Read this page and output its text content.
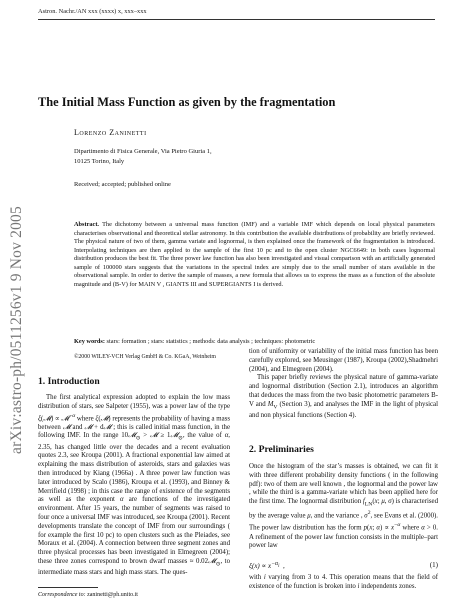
arXiv:astro-ph/0511256v1 9 Nov 2005
Astron. Nachr./AN xxx (xxxx) x, xxx–xxx
The Initial Mass Function as given by the fragmentation
Lorenzo Zaninetti
Dipartimento di Fisica Generale, Via Pietro Giuria 1,
10125 Torino, Italy
Received; accepted; published online
Abstract. The dichotomy between a universal mass function (IMF) and a variable IMF which depends on local physical parameters characterises observational and theoretical stellar astronomy. In this contribution the available distributions of probability are briefly reviewed. The physical nature of two of them, gamma variate and lognormal, is then explained once the framework of the fragmentation is introduced. Interpolating techniques are then applied to the sample of the first 10 pc and to the open cluster NGC6649: in both cases lognormal distribution produces the best fit. The three power law function has also been investigated and visual comparison with an artificially generated sample of 100000 stars suggests that the variations in the spectral index are simply due to the small number of stars available in the observational sample. In order to derive the sample of masses, a new formula that allows us to express the mass as a function of the absolute magnitude and (B-V) for MAIN V , GIANTS III and SUPERGIANTS I is derived.
Key words: stars: formation ; stars: statistics ; methods: data analysis ; techniques: photometric
©2000 WILEY-VCH Verlag GmbH & Co. KGaA, Weinheim
1. Introduction

The first analytical expression adopted to explain the low mass distribution of stars, see Salpeter (1955), was a power law of the type ξ(𝓜) ∝ 𝓜$^{-\alpha}$ where ξ(𝓜) represents the probability of having a mass between 𝓜 and 𝓜 + d𝓜 ; this is called initial mass function, in the following IMF. In the range 10𝓜$_⊙$ > 𝓜 ≥ 1𝓜$_⊙$, the value of α, 2.35, has changed little over the decades and a recent evaluation quotes 2.3, see Kroupa (2001). A fractional exponential law aimed at explaining the mass distribution of asteroids, stars and galaxies was then introduced by Kiang (1966a) . A three power law function was later introduced by Scalo (1986), Kroupa et al. (1993), and Binney & Merrifield (1998) ; in this case the range of existence of the segments as well as the exponent α are functions of the investigated environment. After 15 years, the number of segments was raised to four once a universal IMF was introduced, see Kroupa (2001). Recent developments translate the concept of IMF from our surroundings ( for example the first 10 pc) to open clusters such as the Pleiades, see Moraux et al. (2004). A connection between three segment zones and three physical processes has been investigated in Elmegreen (2004); these three zones correspond to brown dwarf masses ≈ 0.02𝓜$_⊙$, to intermediate mass stars and high mass stars. The ques-

tion of uniformity or variability of the initial mass function has been carefully explored, see Meusinger (1987), Kroupa (2002),Shadmehri (2004), and Elmegreen (2004).

This paper briefly reviews the physical nature of gamma-variate and lognormal distribution (Section 2.1), introduces an algorithm that deduces the mass from the two basic photometric parameters B-V and $M_V$ (Section 3), and analyses the IMF in the light of physical and non physical functions (Section 4).

2. Preliminaries

Once the histogram of the star’s masses is obtained, we can fit it with three different probability density functions ( in the following pdf): two of them are well known , the lognormal and the power law , while the third is a gamma-variate which has been applied here for the first time. The lognormal distribution $f_{LN}(x$; μ, σ) is characterised by the average value μ, and the variance , $\sigma^2$, see Evans et al. (2000). The power law distribution has the form p(x; $\alpha) \propto x^{-\alpha}$ where α > 0. A refinement of the power law function consists in the multiple–part power law

$\xi(x) \propto x^{-\alpha_i}$  ,	(1)

with i varying from 3 to 4. This operation means that the field of existence of the function is broken into i independents zones.

Correspondence to: zaninetti@ph.unito.it
